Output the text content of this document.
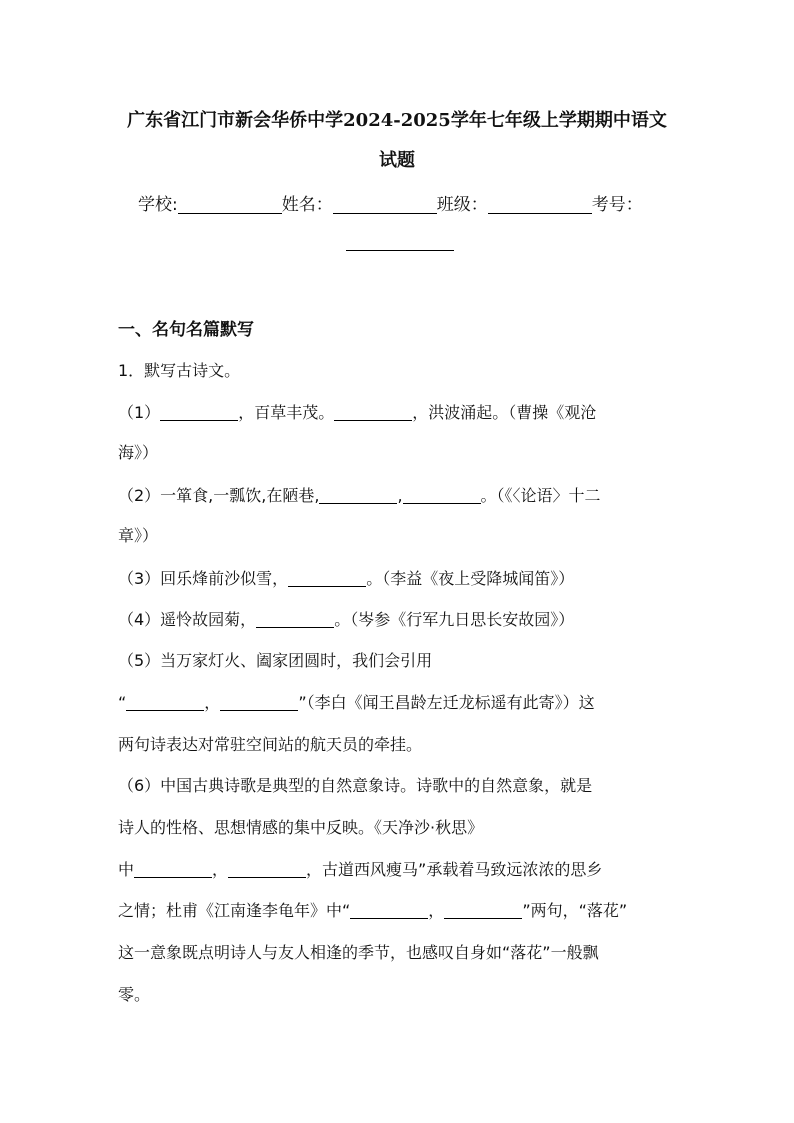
广东省江门市新会华侨中学2024-2025学年七年级上学期期中语文
试题
学校:	姓名：	班级：	考号：
一、名句名篇默写
1．默写古诗文。
（1）	，百草丰茂。	，洪波涌起。（曹操《观沧
海》）
（2）一箪食,一瓢饮,在陋巷,	,	。（《〈论语〉十二
章》）
（3）回乐烽前沙似雪，	。（李益《夜上受降城闻笛》）
（4）遥怜故园菊，	。（岑参《行军九日思长安故园》）
（5）当万家灯火、阖家团圆时，我们会引用
“	，	”（李白《闻王昌龄左迁龙标遥有此寄》）这
两句诗表达对常驻空间站的航天员的牵挂。
（6）中国古典诗歌是典型的自然意象诗。诗歌中的自然意象，就是
诗人的性格、思想情感的集中反映。《天净沙·秋思》
中	，	，古道西风瘦马”承载着马致远浓浓的思乡
之情；杜甫《江南逢李龟年》中“	，	”两句，“落花”
这一意象既点明诗人与友人相逢的季节，也感叹自身如“落花”一般飘
零。
